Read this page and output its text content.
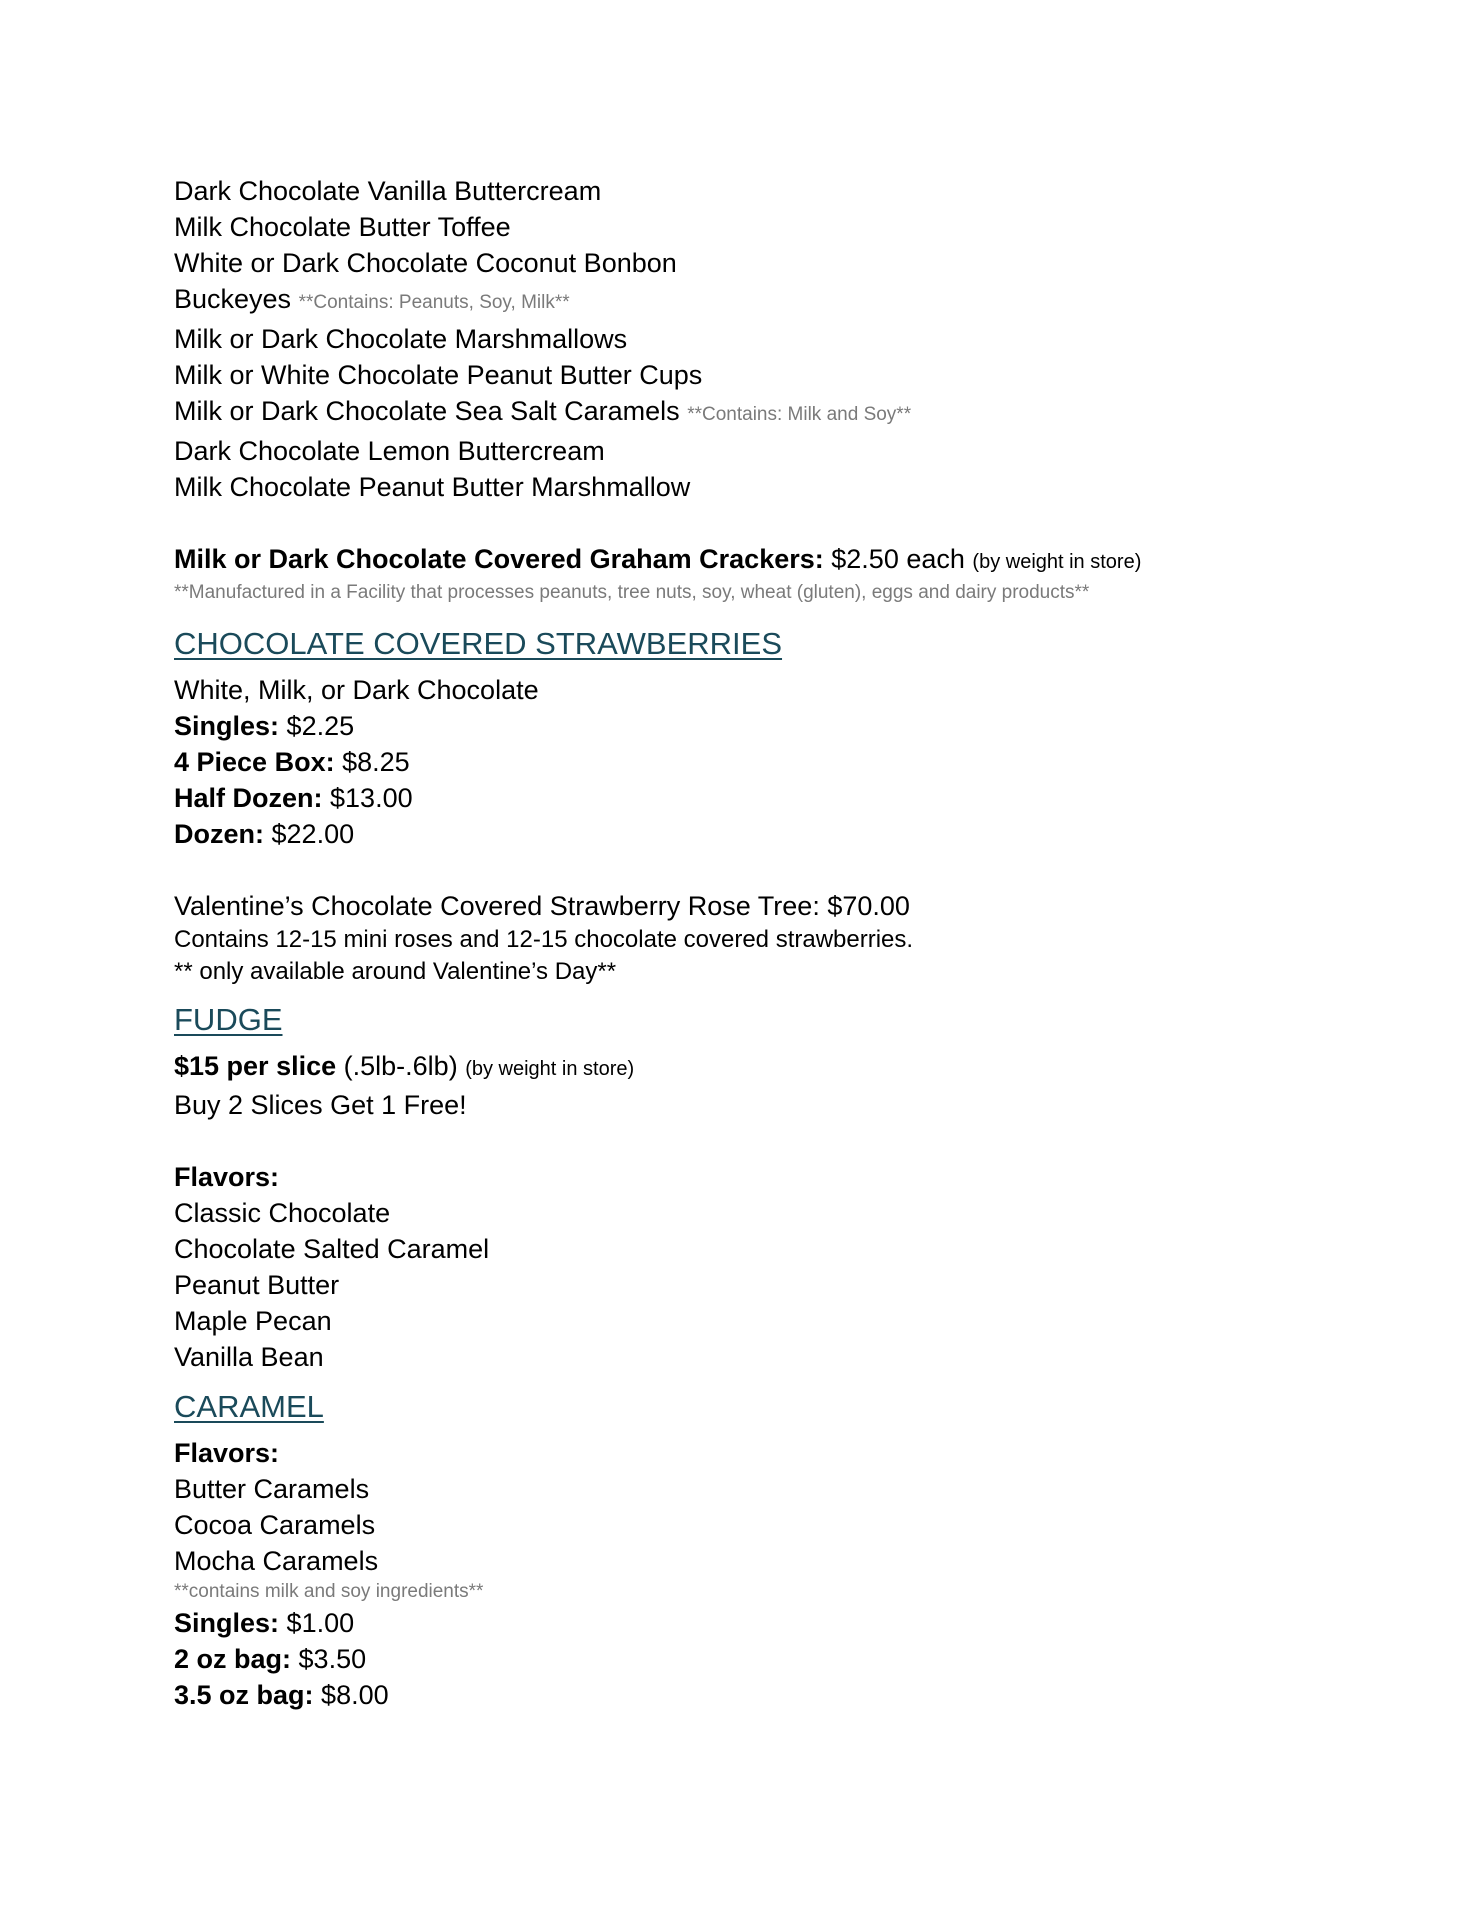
Dark Chocolate Vanilla Buttercream
Milk Chocolate Butter Toffee
White or Dark Chocolate Coconut Bonbon
Buckeyes **Contains: Peanuts, Soy, Milk**
Milk or Dark Chocolate Marshmallows
Milk or White Chocolate Peanut Butter Cups
Milk or Dark Chocolate Sea Salt Caramels **Contains: Milk and Soy**
Dark Chocolate Lemon Buttercream
Milk Chocolate Peanut Butter Marshmallow
Milk or Dark Chocolate Covered Graham Crackers: $2.50 each (by weight in store)
**Manufactured in a Facility that processes peanuts, tree nuts, soy, wheat (gluten), eggs and dairy products**
CHOCOLATE COVERED STRAWBERRIES
White, Milk, or Dark Chocolate
Singles: $2.25
4 Piece Box: $8.25
Half Dozen: $13.00
Dozen: $22.00
Valentine’s Chocolate Covered Strawberry Rose Tree: $70.00
Contains 12-15 mini roses and 12-15 chocolate covered strawberries.
** only available around Valentine’s Day**
FUDGE
$15 per slice (.5lb-.6lb) (by weight in store)
Buy 2 Slices Get 1 Free!
Flavors:
Classic Chocolate
Chocolate Salted Caramel
Peanut Butter
Maple Pecan
Vanilla Bean
CARAMEL
Flavors:
Butter Caramels
Cocoa Caramels
Mocha Caramels
**contains milk and soy ingredients**
Singles: $1.00
2 oz bag: $3.50
3.5 oz bag: $8.00
